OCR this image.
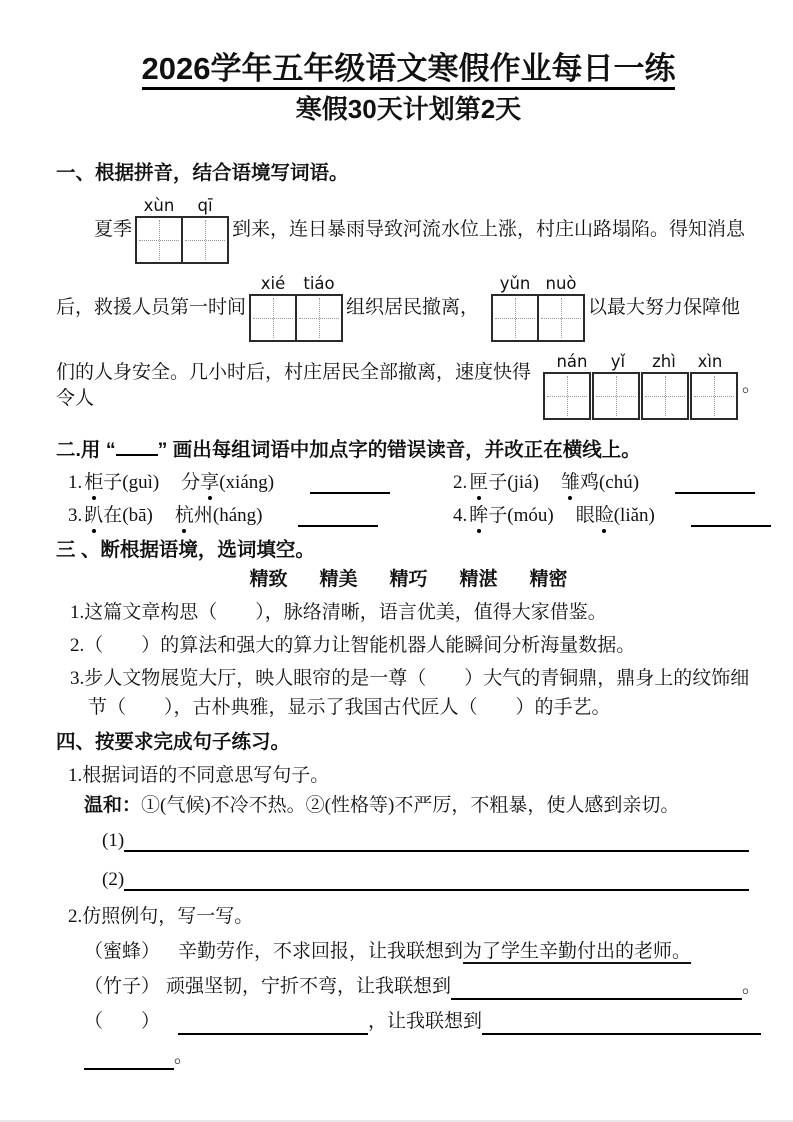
2026学年五年级语文寒假作业每日一练
寒假30天计划第2天
一、根据拼音，结合语境写词语。
夏季
xùn	qī
到来，连日暴雨导致河流水位上涨，村庄山路塌陷。得知消息
后，救援人员第一时间
xié	tiáo
组织居民撤离，
yǔn nuò
以最大努力保障他
们的人身安全。几小时后，村庄居民全部撤离，速度快得令人
nán	yǐ	zhì	xìn
。
二.用 “ ” 画出每组词语中加点字的错误读音，并改正在横线上。
1. 柜子(guì) 分享(xiáng)	2. 匣子(jiá) 雏鸡(chú)
3. 趴在(bā) 杭州(háng)	4. 眸子(móu) 眼睑(liǎn)
三 、断根据语境，选词填空。
精致 精美 精巧 精湛 精密
1.这篇文章构思（　　），脉络清晰，语言优美，值得大家借鉴。
2.（　　）的算法和强大的算力让智能机器人能瞬间分析海量数据。
3.步人文物展览大厅，映人眼帘的是一尊（　　）大气的青铜鼎，鼎身上的纹饰细
节（　　），古朴典雅，显示了我国古代匠人（　　）的手艺。
四、按要求完成句子练习。
1.根据词语的不同意思写句子。
温和：①(气候)不冷不热。②(性格等)不严厉，不粗暴，使人感到亲切。
(1)
(2)
2.仿照例句，写一写。
（蜜蜂） 辛勤劳作，不求回报，让我联想到 为了学生辛勤付出的老师。
（竹子） 顽强坚韧，宁折不弯，让我联想到	。
（　　）	，让我联想到
。
